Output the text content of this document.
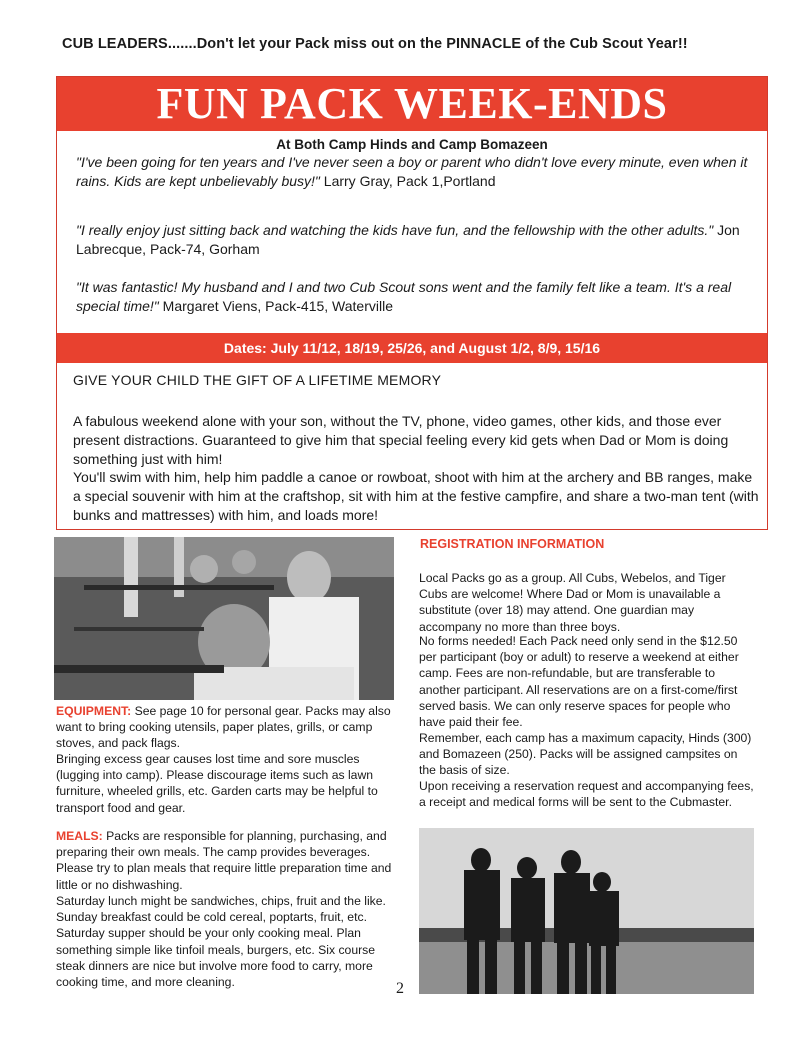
CUB LEADERS.......Don't let your Pack miss out on the PINNACLE of the Cub Scout Year!!
FUN PACK WEEK-ENDS
At Both Camp Hinds and Camp Bomazeen
"I've been going for ten years and I've never seen a boy or parent who didn't love every minute, even when it rains. Kids are kept unbelievably busy!" Larry Gray, Pack 1,Portland
"I really enjoy just sitting back and watching the kids have fun, and the fellowship with the other adults." Jon Labrecque, Pack-74, Gorham
"It was fantastic! My husband and I and two Cub Scout sons went and the family felt like a team. It's a real special time!" Margaret Viens, Pack-415, Waterville
Dates: July 11/12, 18/19, 25/26, and August 1/2, 8/9, 15/16
GIVE YOUR CHILD THE GIFT OF A LIFETIME MEMORY
A fabulous weekend alone with your son, without the TV, phone, video games, other kids, and those ever present distractions. Guaranteed to give him that special feeling every kid gets when Dad or Mom is doing something just with him!
You'll swim with him, help him paddle a canoe or rowboat, shoot with him at the archery and BB ranges, make a special souvenir with him at the craftshop, sit with him at the festive campfire, and share a two-man tent (with bunks and mattresses) with him, and loads more!
EQUIPMENT: See page 10 for personal gear. Packs may also want to bring cooking utensils, paper plates, grills, or camp stoves, and pack flags.
Bringing excess gear causes lost time and sore muscles (lugging into camp). Please discourage items such as lawn furniture, wheeled grills, etc. Garden carts may be helpful to transport food and gear.
MEALS: Packs are responsible for planning, purchasing, and preparing their own meals. The camp provides beverages. Please try to plan meals that require little preparation time and little or no dishwashing.
Saturday lunch might be sandwiches, chips, fruit and the like. Sunday breakfast could be cold cereal, poptarts, fruit, etc. Saturday supper should be your only cooking meal. Plan something simple like tinfoil meals, burgers, etc. Six course steak dinners are nice but involve more food to carry, more cooking time, and more cleaning.
REGISTRATION INFORMATION
Local Packs go as a group. All Cubs, Webelos, and Tiger Cubs are welcome! Where Dad or Mom is unavailable a substitute (over 18) may attend. One guardian may accompany no more than three boys.
No forms needed! Each Pack need only send in the $12.50 per participant (boy or adult) to reserve a weekend at either camp. Fees are non-refundable, but are transferable to another participant. All reservations are on a first-come/first served basis. We can only reserve spaces for people who have paid their fee.
Remember, each camp has a maximum capacity, Hinds (300) and Bomazeen (250). Packs will be assigned campsites on the basis of size.
Upon receiving a reservation request and accompanying fees, a receipt and medical forms will be sent to the Cubmaster.
2
